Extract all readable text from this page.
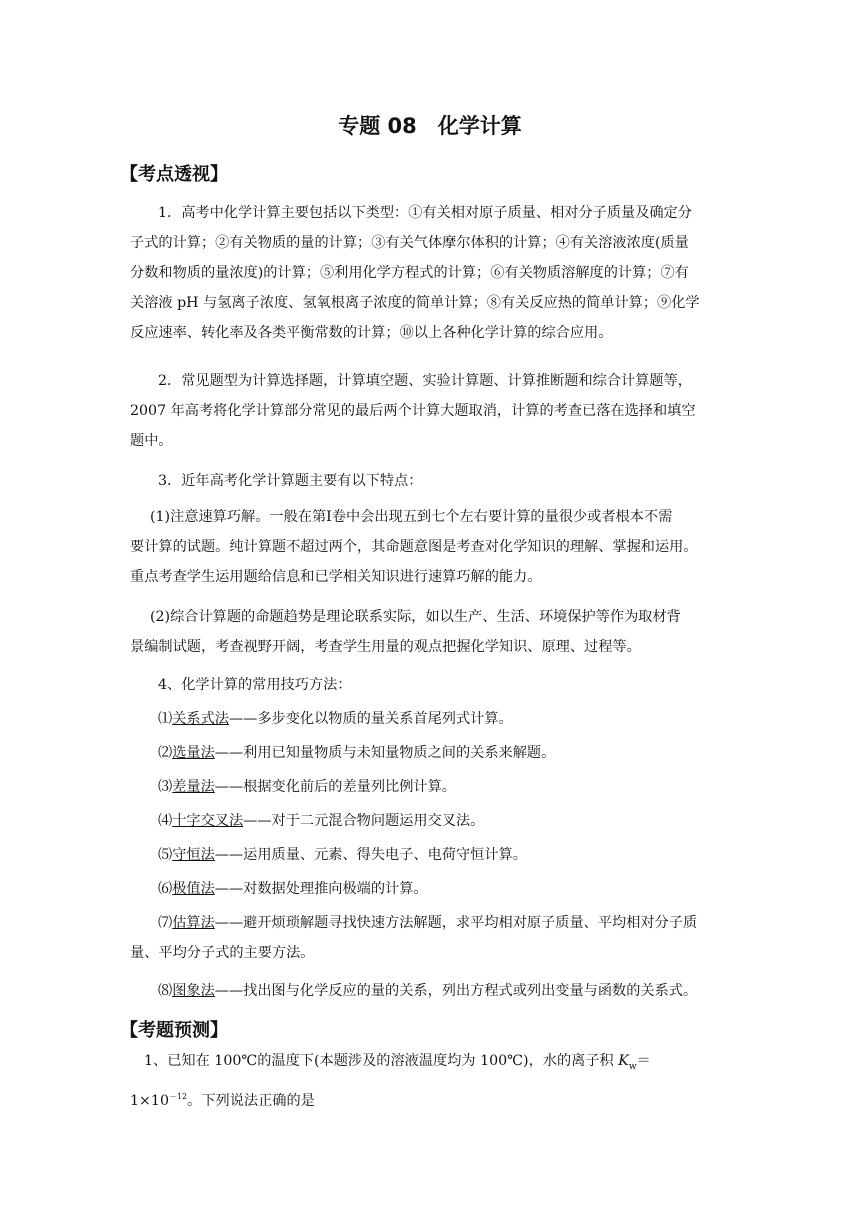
专题 08　化学计算
【考点透视】

1．高考中化学计算主要包括以下类型：①有关相对原子质量、相对分子质量及确定分
子式的计算；②有关物质的量的计算；③有关气体摩尔体积的计算；④有关溶液浓度(质量
分数和物质的量浓度)的计算；⑤利用化学方程式的计算；⑥有关物质溶解度的计算；⑦有
关溶液 pH 与氢离子浓度、氢氧根离子浓度的简单计算；⑧有关反应热的简单计算；⑨化学
反应速率、转化率及各类平衡常数的计算；⑩以上各种化学计算的综合应用。

2．常见题型为计算选择题，计算填空题、实验计算题、计算推断题和综合计算题等，
2007 年高考将化学计算部分常见的最后两个计算大题取消，计算的考查已落在选择和填空
题中。

3．近年高考化学计算题主要有以下特点：

(1)注意速算巧解。一般在第Ⅰ卷中会出现五到七个左右要计算的量很少或者根本不需
要计算的试题。纯计算题不超过两个，其命题意图是考查对化学知识的理解、掌握和运用。
重点考查学生运用题给信息和已学相关知识进行速算巧解的能力。

(2)综合计算题的命题趋势是理论联系实际，如以生产、生活、环境保护等作为取材背
景编制试题，考查视野开阔，考查学生用量的观点把握化学知识、原理、过程等。

4、化学计算的常用技巧方法：

⑴关系式法——多步变化以物质的量关系首尾列式计算。

⑵选量法——利用已知量物质与未知量物质之间的关系来解题。

⑶差量法——根据变化前后的差量列比例计算。

⑷十字交叉法——对于二元混合物问题运用交叉法。

⑸守恒法——运用质量、元素、得失电子、电荷守恒计算。

⑹极值法——对数据处理推向极端的计算。

⑺估算法——避开烦琐解题寻找快速方法解题，求平均相对原子质量、平均相对分子质
量、平均分子式的主要方法。

⑻图象法——找出图与化学反应的量的关系，列出方程式或列出变量与函数的关系式。

【考题预测】

1、已知在 100℃的温度下(本题涉及的溶液温度均为 100℃)，水的离子积 $K_w=$
$1\times 10^{-12}$。下列说法正确的是
